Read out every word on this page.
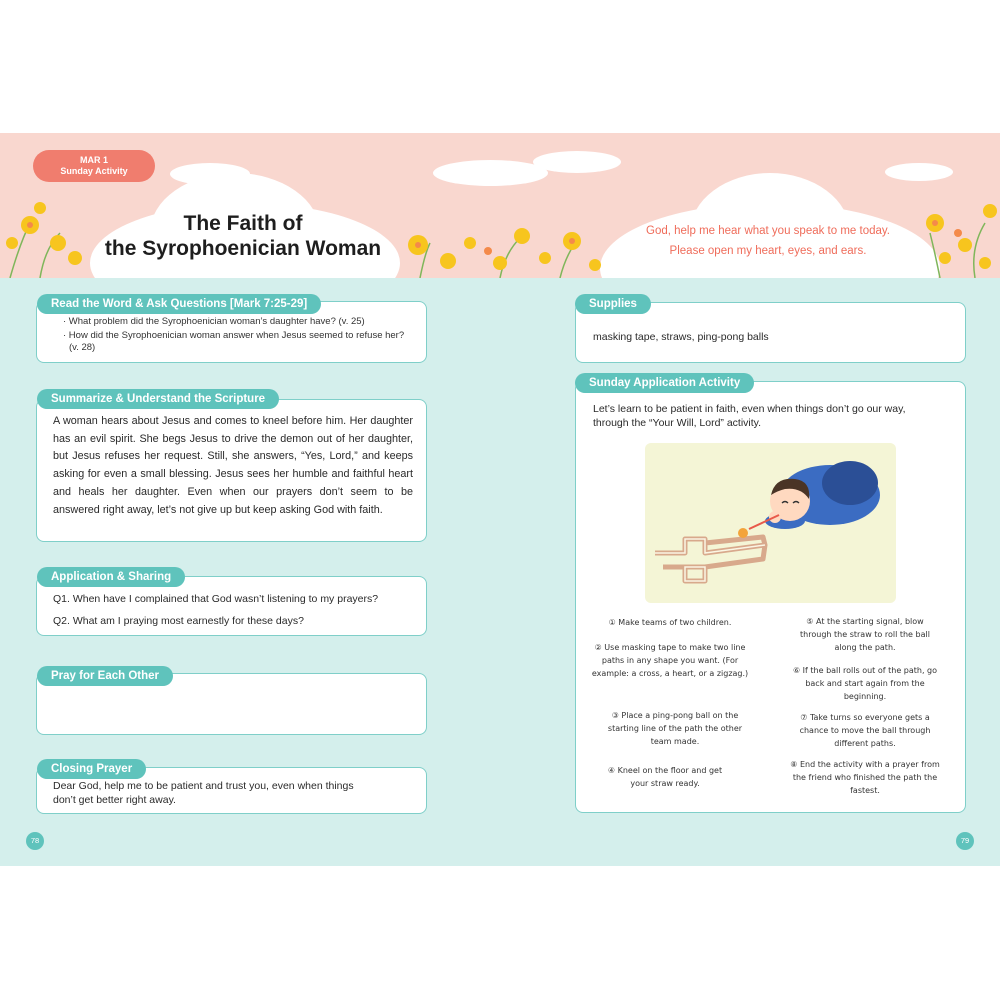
MAR 1
Sunday Activity
The Faith of
the Syrophoenician Woman
God, help me hear what you speak to me today.
Please open my heart, eyes, and ears.
· What problem did the Syrophoenician woman’s daughter have? (v. 25)
· How did the Syrophoenician woman answer when Jesus seemed to refuse her? (v. 28)
Read the Word & Ask Questions [Mark 7:25-29]
A woman hears about Jesus and comes to kneel before him. Her daughter has an evil spirit. She begs Jesus to drive the demon out of her daughter, but Jesus refuses her request. Still, she answers, “Yes, Lord,” and keeps asking for even a small blessing. Jesus sees her humble and faithful heart and heals her daughter. Even when our prayers don’t seem to be answered right away, let’s not give up but keep asking God with faith.
Summarize & Understand the Scripture
Q1. When have I complained that God wasn’t listening to my prayers?
Q2. What am I praying most earnestly for these days?
Application & Sharing
Pray for Each Other
Dear God, help me to be patient and trust you, even when things don’t get better right away.
Closing Prayer
78
masking tape, straws, ping-pong balls
Supplies
Let’s learn to be patient in faith, even when things don’t go our way, through the “Your Will, Lord” activity.
Sunday Application Activity
① Make teams of two children.
② Use masking tape to make two line paths in any shape you want. (For example: a cross, a heart, or a zigzag.)
③ Place a ping-pong ball on the starting line of the path the other team made.
④ Kneel on the floor and get your straw ready.
⑤ At the starting signal, blow through the straw to roll the ball along the path.
⑥ If the ball rolls out of the path, go back and start again from the beginning.
⑦ Take turns so everyone gets a chance to move the ball through different paths.
⑧ End the activity with a prayer from the friend who finished the path the fastest.
79
